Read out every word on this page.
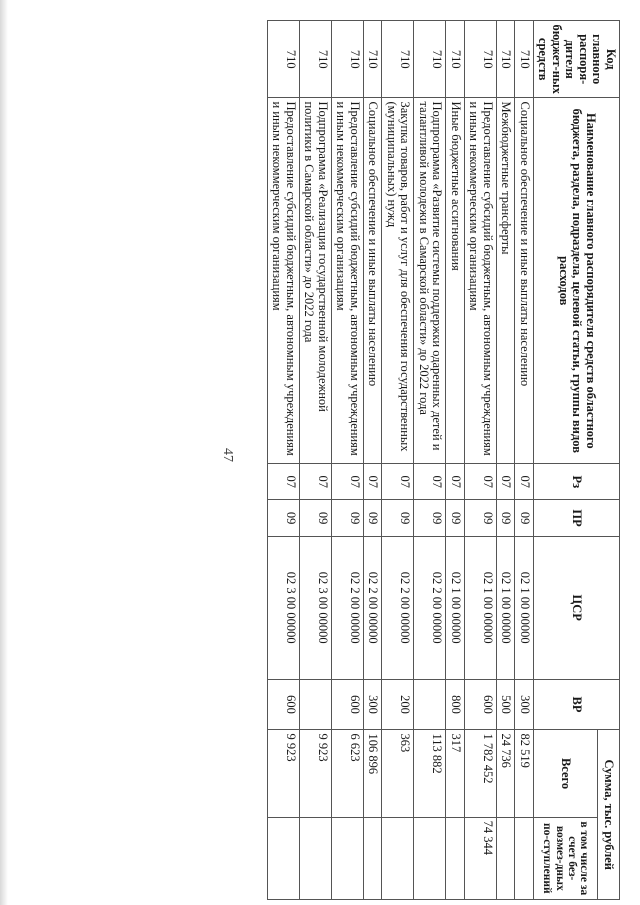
47
Код главного распоря-дителя бюджет-ных средств	Наименование главного распорядителя средств областного бюджета, раздела, подраздела, целевой статьи, группы видов расходов	Рз	ПР	ЦСР	ВР	Сумма, тыс. рублей	
						Всего	в том числе за счет без-возмез-дных по-ступлений
710	Социальное обеспечение и иные выплаты населению	07	09	02 1 00 00000	300	82 519	
710	Межбюджетные трансферты	07	09	02 1 00 00000	500	24 736	
710	Предоставление субсидий бюджетным, автономным учреждениям и иным некоммерческим организациям	07	09	02 1 00 00000	600	1 782 452	74 344
710	Иные бюджетные ассигнования	07	09	02 1 00 00000	800	317	
710	Подпрограмма «Развитие системы поддержки одаренных детей и талантливой молодежи в Самарской области» до 2022 года	07	09	02 2 00 00000		113 882	
710	Закупка товаров, работ и услуг для обеспечения государственных (муниципальных) нужд	07	09	02 2 00 00000	200	363	
710	Социальное обеспечение и иные выплаты населению	07	09	02 2 00 00000	300	106 896	
710	Предоставление субсидий бюджетным, автономным учреждениям и иным некоммерческим организациям	07	09	02 2 00 00000	600	6 623	
710	Подпрограмма «Реализация государственной молодежной политики в Самарской области» до 2022 года	07	09	02 3 00 00000		9 923	
710	Предоставление субсидий бюджетным, автономным учреждениям и иным некоммерческим организациям	07	09	02 3 00 00000	600	9 923	
